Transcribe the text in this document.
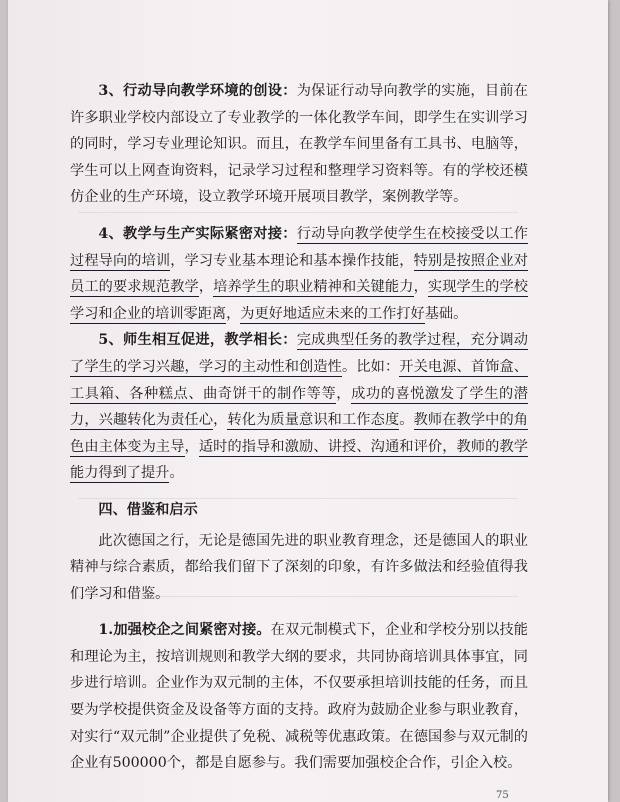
3、行动导向教学环境的创设：为保证行动导向教学的实施，目前在许多职业学校内部设立了专业教学的一体化教学车间，即学生在实训学习的同时，学习专业理论知识。而且，在教学车间里备有工具书、电脑等，学生可以上网查询资料，记录学习过程和整理学习资料等。有的学校还模仿企业的生产环境，设立教学环境开展项目教学，案例教学等。

4、教学与生产实际紧密对接：行动导向教学使学生在校接受以工作过程导向的培训，学习专业基本理论和基本操作技能，特别是按照企业对员工的要求规范教学，培养学生的职业精神和关键能力，实现学生的学校学习和企业的培训零距离，为更好地适应未来的工作打好基础。

5、师生相互促进，教学相长：完成典型任务的教学过程，充分调动了学生的学习兴趣，学习的主动性和创造性。比如：开关电源、首饰盒、工具箱、各种糕点、曲奇饼干的制作等等，成功的喜悦激发了学生的潜力，兴趣转化为责任心，转化为质量意识和工作态度。教师在教学中的角色由主体变为主导，适时的指导和激励、讲授、沟通和评价，教师的教学能力得到了提升。

四、借鉴和启示

此次德国之行，无论是德国先进的职业教育理念，还是德国人的职业精神与综合素质，都给我们留下了深刻的印象，有许多做法和经验值得我们学习和借鉴。

1.加强校企之间紧密对接。在双元制模式下，企业和学校分别以技能和理论为主，按培训规则和教学大纲的要求，共同协商培训具体事宜，同步进行培训。企业作为双元制的主体，不仅要承担培训技能的任务，而且要为学校提供资金及设备等方面的支持。政府为鼓励企业参与职业教育，对实行“双元制”企业提供了免税、减税等优惠政策。在德国参与双元制的企业有500000个，都是自愿参与。我们需要加强校企合作，引企入校。

75
